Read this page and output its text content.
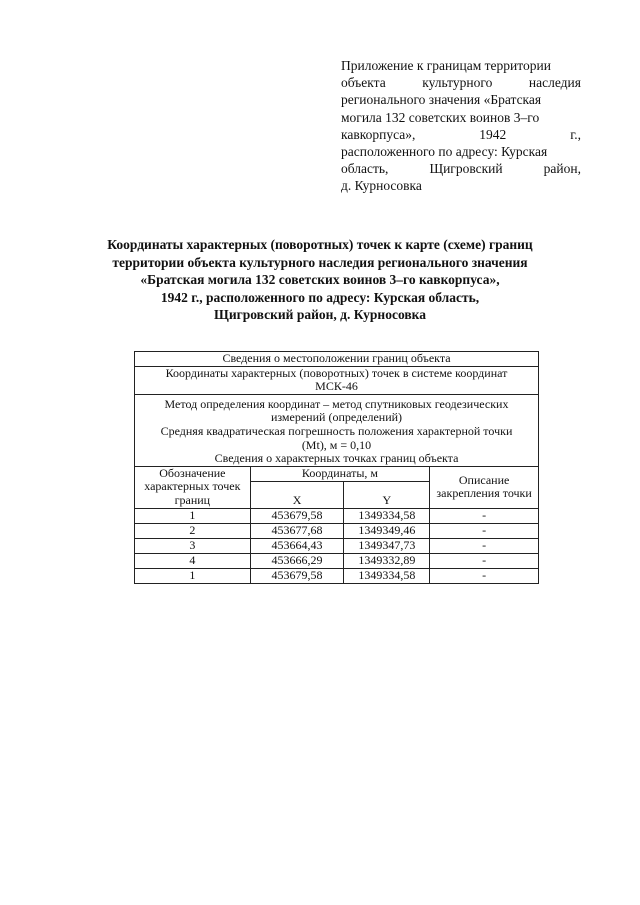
Приложение к границам территории
объекта	культурного	наследия
регионального значения «Братская
могила 132 советских воинов 3–го
кавкорпуса»,	1942	г.,
расположенного по адресу: Курская
область,	Щигровский	район,
д. Курносовка
Координаты характерных (поворотных) точек к карте (схеме) границ
территории объекта культурного наследия регионального значения
«Братская могила 132 советских воинов 3–го кавкорпуса»,
1942 г., расположенного по адресу: Курская область,
Щигровский район, д. Курносовка
Сведения о местоположении границ объекта			

Координаты характерных (поворотных) точек в системе координат
МСК-46			

Метод определения координат – метод спутниковых геодезических
измерений (определений)
Средняя квадратическая погрешность положения характерной точки
(Mt), м = 0,10
Сведения о характерных точках границ объекта			

Обозначение характерных точек границ	Координаты, м		Описание закрепления точки
	X	Y	
1	453679,58	1349334,58	-
2	453677,68	1349349,46	-
3	453664,43	1349347,73	-
4	453666,29	1349332,89	-
1	453679,58	1349334,58	-
